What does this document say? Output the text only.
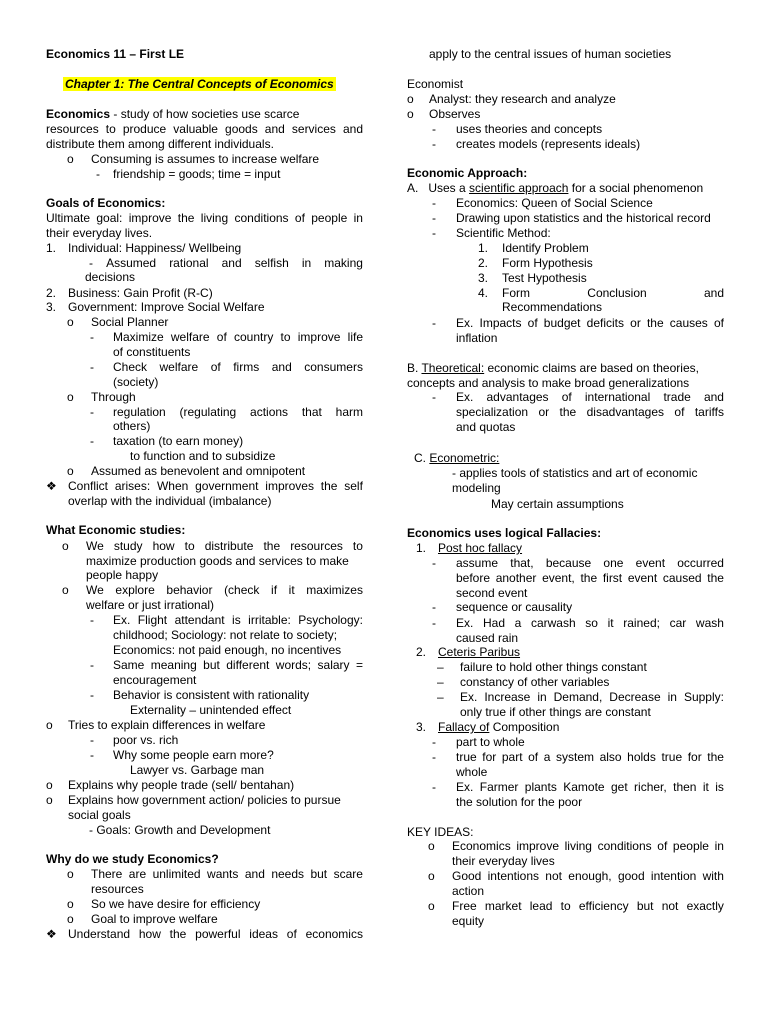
Economics 11 – First LE
Chapter 1: The Central Concepts of Economics
Economics - study of how societies use scarce
resources to produce valuable goods and services and
distribute them among different individuals.
o Consuming is assumes to increase welfare
- friendship = goods; time = input
Goals of Economics:
Ultimate goal: improve the living conditions of people in
their everyday lives.
1. Individual: Happiness/ Wellbeing
- Assumed rational and selfish in making
decisions
2. Business: Gain Profit (R-C)
3. Government: Improve Social Welfare
o Social Planner
- Maximize welfare of country to improve life
of constituents
- Check welfare of firms and consumers
(society)
o Through
- regulation (regulating actions that harm
others)
- taxation (to earn money)
to function and to subsidize
o Assumed as benevolent and omnipotent
❖ Conflict arises: When government improves the self
overlap with the individual (imbalance)
What Economic studies:
o We study how to distribute the resources to
maximize production goods and services to make
people happy
o We explore behavior (check if it maximizes
welfare or just irrational)
- Ex. Flight attendant is irritable: Psychology:
childhood; Sociology: not relate to society;
Economics: not paid enough, no incentives
- Same meaning but different words; salary =
encouragement
- Behavior is consistent with rationality
Externality – unintended effect
o Tries to explain differences in welfare
- poor vs. rich
- Why some people earn more?
Lawyer vs. Garbage man
o Explains why people trade (sell/ bentahan)
o Explains how government action/ policies to pursue
social goals
- Goals: Growth and Development
Why do we study Economics?
o There are unlimited wants and needs but scare
resources
o So we have desire for efficiency
o Goal to improve welfare
❖ Understand how the powerful ideas of economics
apply to the central issues of human societies
Economist
o Analyst: they research and analyze
o Observes
- uses theories and concepts
- creates models (represents ideals)
Economic Approach:
A.   Uses a scientific approach for a social phenomenon
- Economics: Queen of Social Science
- Drawing upon statistics and the historical record
- Scientific Method:
1. Identify Problem
2. Form Hypothesis
3. Test Hypothesis
4. Form	Conclusion	and
Recommendations
- Ex. Impacts of budget deficits or the causes of
inflation
B. Theoretical: economic claims are based on theories,
concepts and analysis to make broad generalizations
- Ex. advantages of international trade and
specialization or the disadvantages of tariffs
and quotas
C. Econometric:
- applies tools of statistics and art of economic
modeling
May certain assumptions
Economics uses logical Fallacies:
1. Post hoc fallacy
- assume that, because one event occurred
before another event, the first event caused the
second event
- sequence or causality
- Ex. Had a carwash so it rained; car wash
caused rain
2. Ceteris Paribus
– failure to hold other things constant
– constancy of other variables
– Ex. Increase in Demand, Decrease in Supply:
only true if other things are constant
3. Fallacy of Composition
- part to whole
- true for part of a system also holds true for the
whole
- Ex. Farmer plants Kamote get richer, then it is
the solution for the poor
KEY IDEAS:
o Economics improve living conditions of people in
their everyday lives
o Good intentions not enough, good intention with
action
o Free market lead to efficiency but not exactly
equity
